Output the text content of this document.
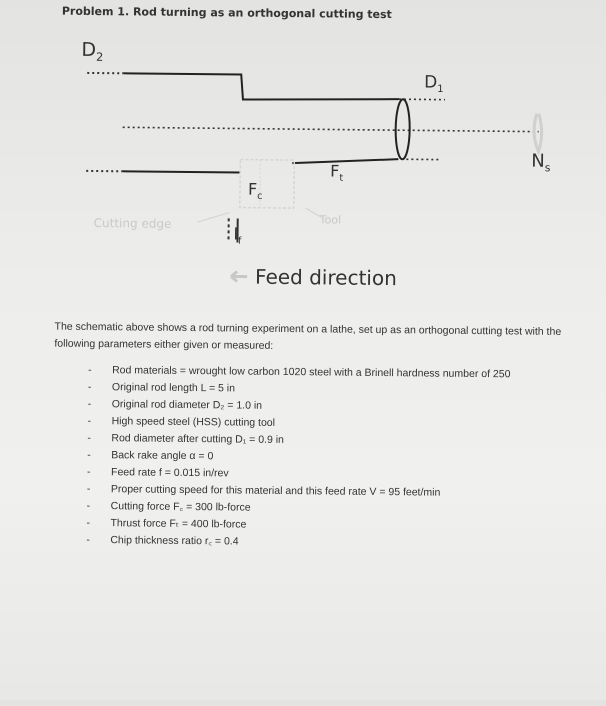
Problem 1. Rod turning as an orthogonal cutting test
$D_2$
$D_1$
$N_s$
$F_t$
$F_c$
$l_f$
Cutting edge	Tool
Feed direction
The schematic above shows a rod turning experiment on a lathe, set up as an orthogonal cutting test with the following parameters either given or measured:
-	Rod materials = wrought low carbon 1020 steel with a Brinell hardness number of 250
-	Original rod length L = 5 in
-	Original rod diameter D₂ = 1.0 in
-	High speed steel (HSS) cutting tool
-	Rod diameter after cutting D₁ = 0.9 in
-	Back rake angle α = 0
-	Feed rate f = 0.015 in/rev
-	Proper cutting speed for this material and this feed rate V = 95 feet/min
-	Cutting force F꜀ = 300 lb-force
-	Thrust force Fₜ = 400 lb-force
-	Chip thickness ratio r꜀ = 0.4
